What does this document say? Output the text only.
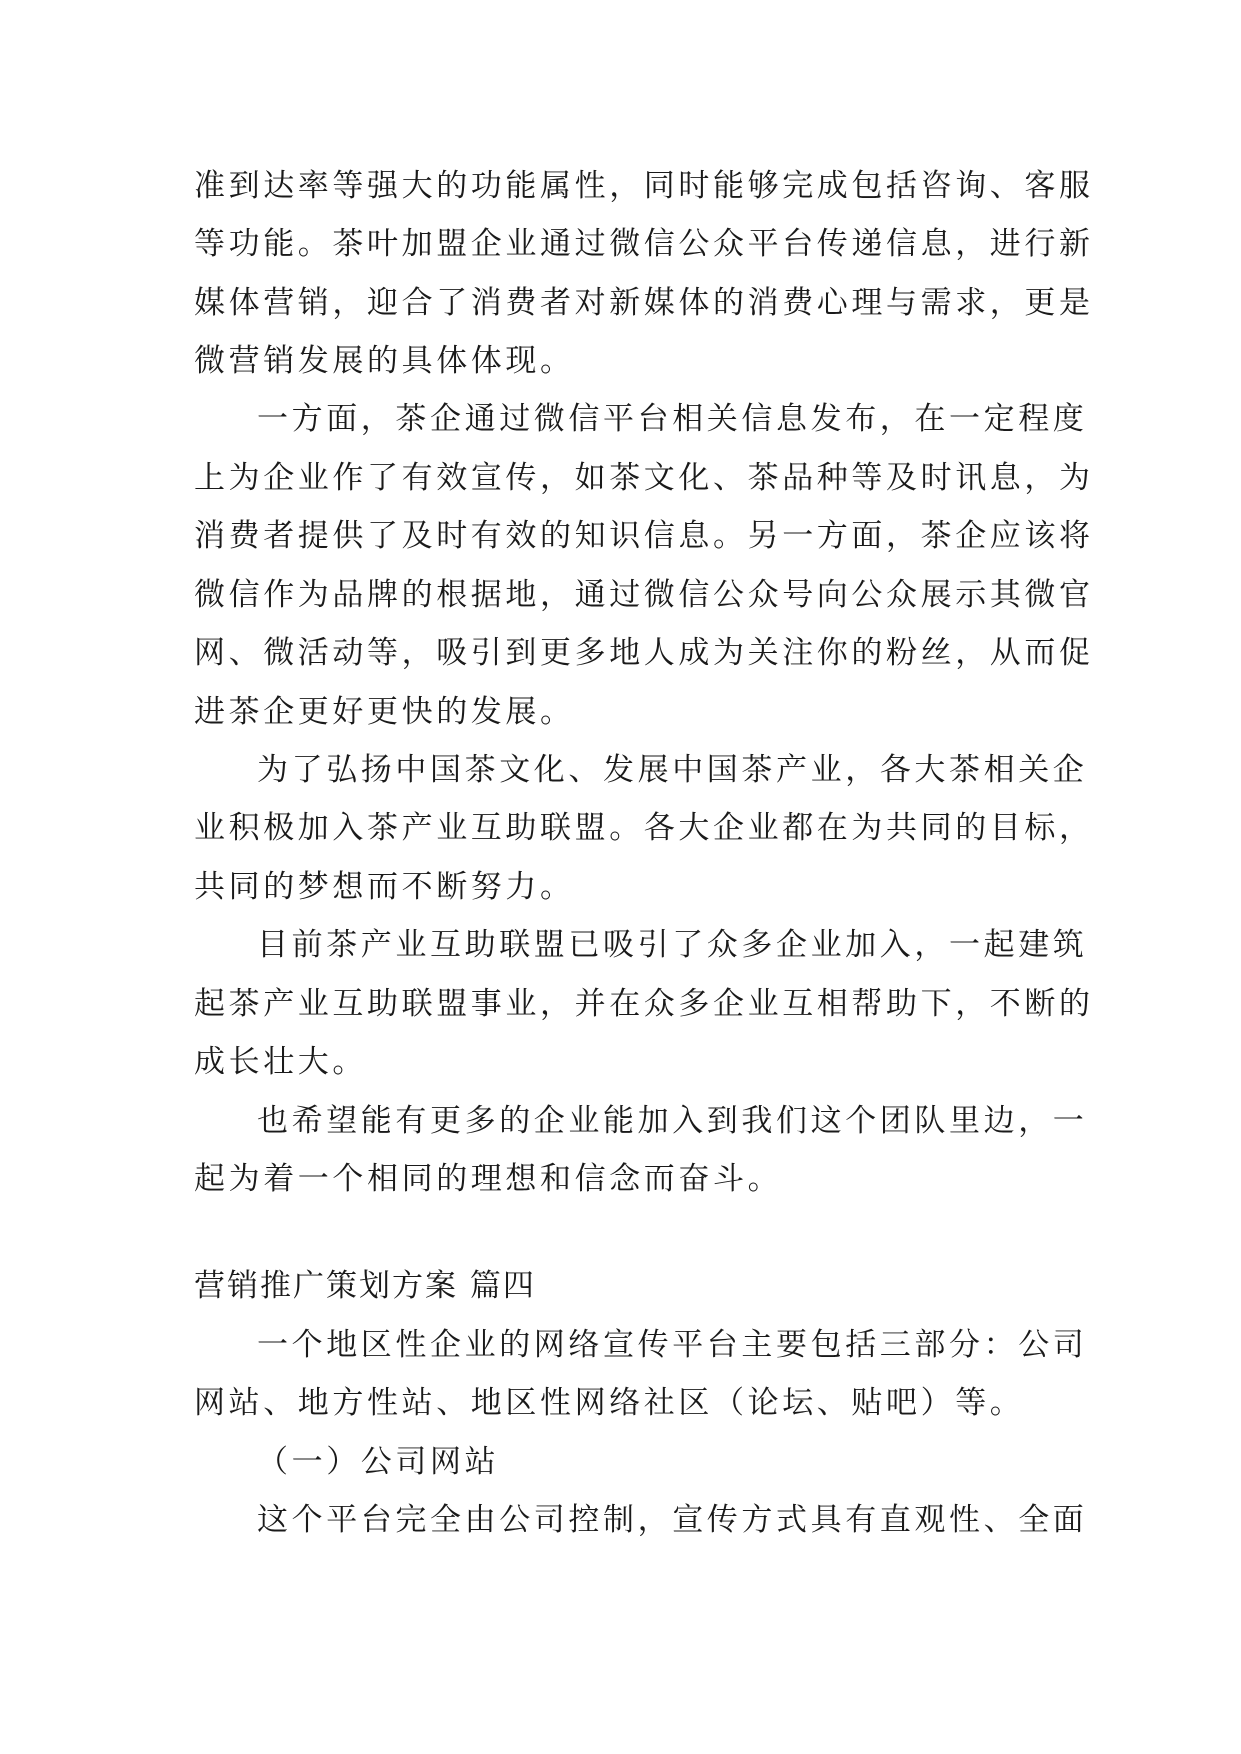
准到达率等强大的功能属性，同时能够完成包括咨询、客服
等功能。茶叶加盟企业通过微信公众平台传递信息，进行新
媒体营销，迎合了消费者对新媒体的消费心理与需求，更是
微营销发展的具体体现。
一方面，茶企通过微信平台相关信息发布，在一定程度
上为企业作了有效宣传，如茶文化、茶品种等及时讯息，为
消费者提供了及时有效的知识信息。另一方面，茶企应该将
微信作为品牌的根据地，通过微信公众号向公众展示其微官
网、微活动等，吸引到更多地人成为关注你的粉丝，从而促
进茶企更好更快的发展。
为了弘扬中国茶文化、发展中国茶产业，各大茶相关企
业积极加入茶产业互助联盟。各大企业都在为共同的目标，
共同的梦想而不断努力。
目前茶产业互助联盟已吸引了众多企业加入，一起建筑
起茶产业互助联盟事业，并在众多企业互相帮助下，不断的
成长壮大。
也希望能有更多的企业能加入到我们这个团队里边，一
起为着一个相同的理想和信念而奋斗。
营销推广策划方案 篇四
一个地区性企业的网络宣传平台主要包括三部分：公司
网站、地方性站、地区性网络社区（论坛、贴吧）等。
（一）公司网站
这个平台完全由公司控制，宣传方式具有直观性、全面
